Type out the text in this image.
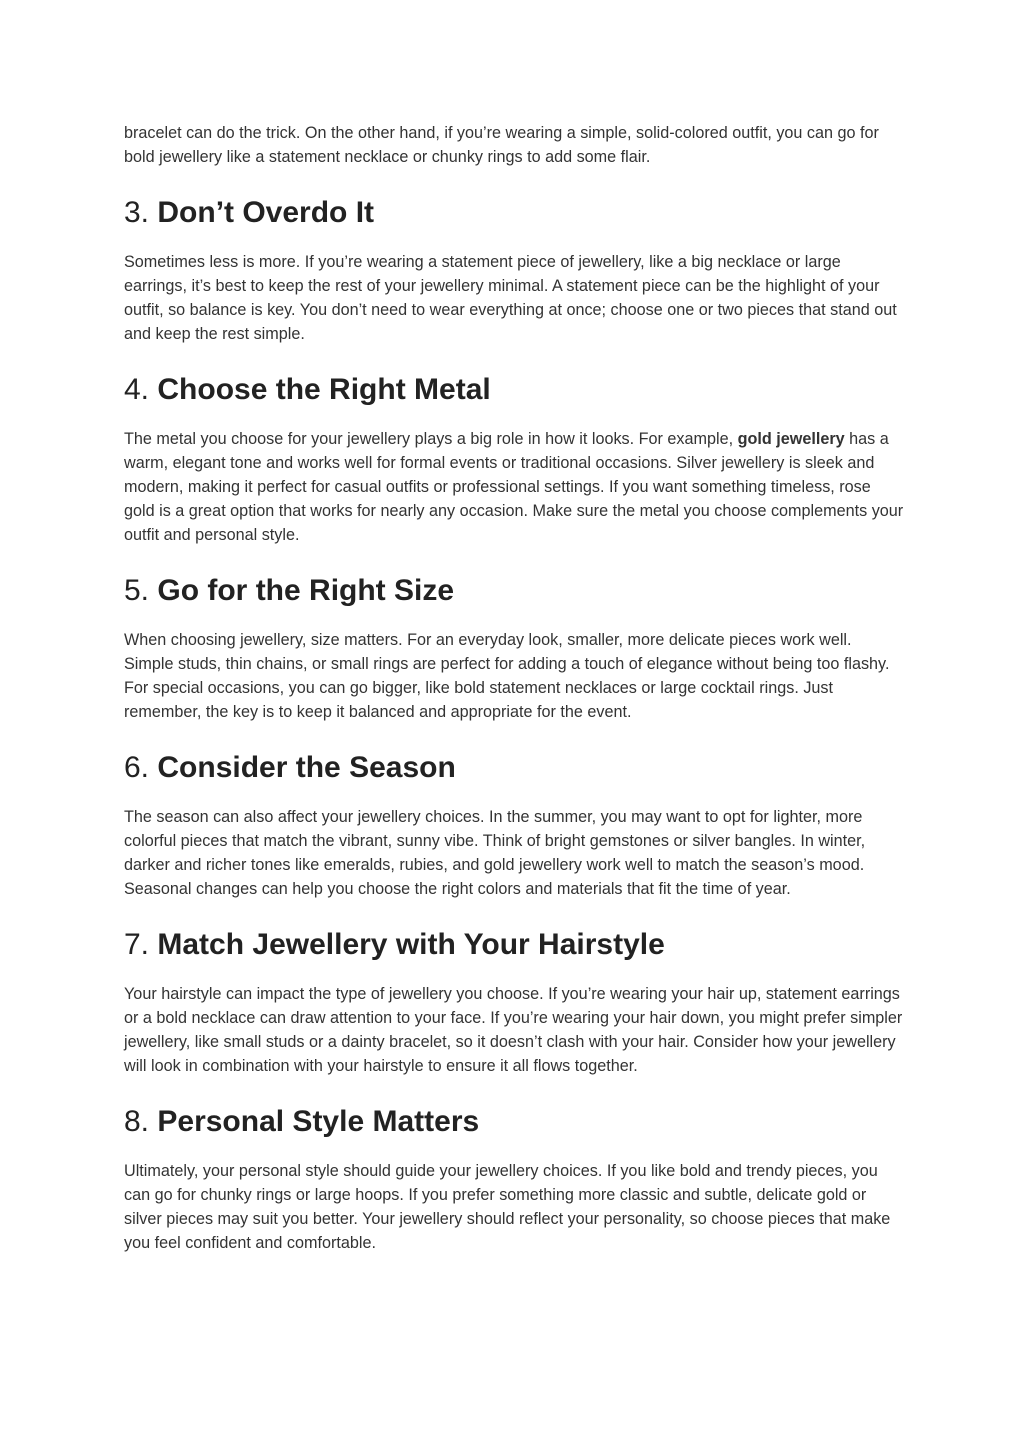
bracelet can do the trick. On the other hand, if you’re wearing a simple, solid-colored outfit, you can go for bold jewellery like a statement necklace or chunky rings to add some flair.

3. Don’t Overdo It

Sometimes less is more. If you’re wearing a statement piece of jewellery, like a big necklace or large earrings, it’s best to keep the rest of your jewellery minimal. A statement piece can be the highlight of your outfit, so balance is key. You don’t need to wear everything at once; choose one or two pieces that stand out and keep the rest simple.

4. Choose the Right Metal

The metal you choose for your jewellery plays a big role in how it looks. For example, gold jewellery has a warm, elegant tone and works well for formal events or traditional occasions. Silver jewellery is sleek and modern, making it perfect for casual outfits or professional settings. If you want something timeless, rose gold is a great option that works for nearly any occasion. Make sure the metal you choose complements your outfit and personal style.

5. Go for the Right Size

When choosing jewellery, size matters. For an everyday look, smaller, more delicate pieces work well. Simple studs, thin chains, or small rings are perfect for adding a touch of elegance without being too flashy. For special occasions, you can go bigger, like bold statement necklaces or large cocktail rings. Just remember, the key is to keep it balanced and appropriate for the event.

6. Consider the Season

The season can also affect your jewellery choices. In the summer, you may want to opt for lighter, more colorful pieces that match the vibrant, sunny vibe. Think of bright gemstones or silver bangles. In winter, darker and richer tones like emeralds, rubies, and gold jewellery work well to match the season’s mood. Seasonal changes can help you choose the right colors and materials that fit the time of year.

7. Match Jewellery with Your Hairstyle

Your hairstyle can impact the type of jewellery you choose. If you’re wearing your hair up, statement earrings or a bold necklace can draw attention to your face. If you’re wearing your hair down, you might prefer simpler jewellery, like small studs or a dainty bracelet, so it doesn’t clash with your hair. Consider how your jewellery will look in combination with your hairstyle to ensure it all flows together.

8. Personal Style Matters

Ultimately, your personal style should guide your jewellery choices. If you like bold and trendy pieces, you can go for chunky rings or large hoops. If you prefer something more classic and subtle, delicate gold or silver pieces may suit you better. Your jewellery should reflect your personality, so choose pieces that make you feel confident and comfortable.
